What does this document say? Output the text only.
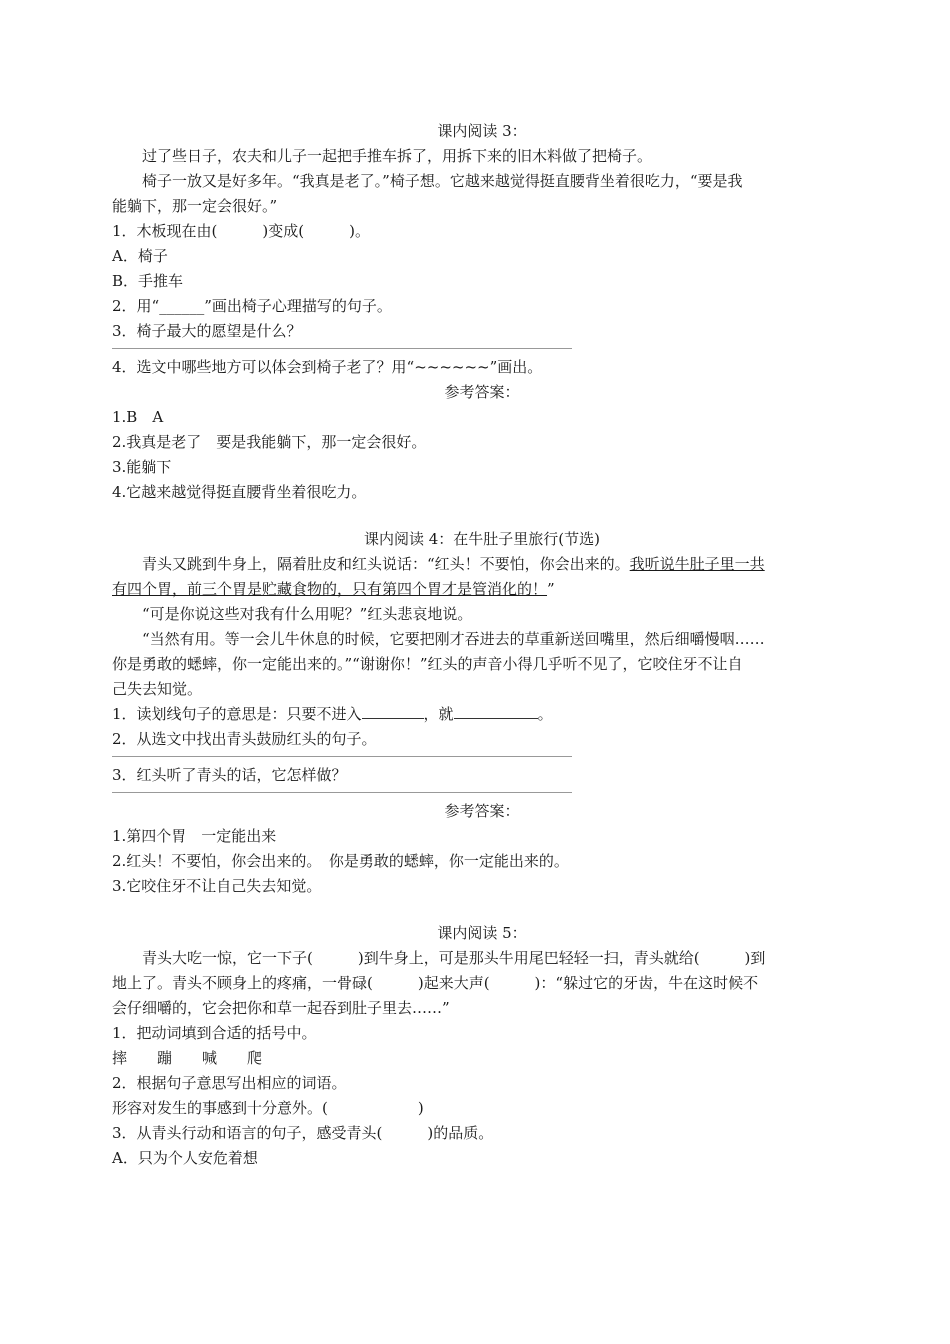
课内阅读 3：
过了些日子，农夫和儿子一起把手推车拆了，用拆下来的旧木料做了把椅子。
椅子一放又是好多年。“我真是老了。”椅子想。它越来越觉得挺直腰背坐着很吃力，“要是我
能躺下，那一定会很好。”
1．木板现在由(　　　)变成(　　　)。
A．椅子
B．手推车
2．用“______”画出椅子心理描写的句子。
3．椅子最大的愿望是什么？
4．选文中哪些地方可以体会到椅子老了？用“~~~~~~”画出。
参考答案：
1.B　A
2.我真是老了　要是我能躺下，那一定会很好。
3.能躺下
4.它越来越觉得挺直腰背坐着很吃力。
课内阅读 4：在牛肚子里旅行(节选)
青头又跳到牛身上，隔着肚皮和红头说话：“红头！不要怕，你会出来的。我听说牛肚子里一共
有四个胃，前三个胃是贮藏食物的，只有第四个胃才是管消化的！”
“可是你说这些对我有什么用呢？”红头悲哀地说。
“当然有用。等一会儿牛休息的时候，它要把刚才吞进去的草重新送回嘴里，然后细嚼慢咽……
你是勇敢的蟋蟀，你一定能出来的。”“谢谢你！”红头的声音小得几乎听不见了，它咬住牙不让自
己失去知觉。
1．读划线句子的意思是：只要不进入	，就	。
2．从选文中找出青头鼓励红头的句子。
3．红头听了青头的话，它怎样做？
参考答案：
1.第四个胃　一定能出来
2.红头！不要怕，你会出来的。　你是勇敢的蟋蟀，你一定能出来的。
3.它咬住牙不让自己失去知觉。
课内阅读 5：
青头大吃一惊，它一下子(　　　)到牛身上，可是那头牛用尾巴轻轻一扫，青头就给(　　　)到
地上了。青头不顾身上的疼痛，一骨碌(　　　)起来大声(　　　)：“躲过它的牙齿，牛在这时候不
会仔细嚼的，它会把你和草一起吞到肚子里去……”
1．把动词填到合适的括号中。
摔 蹦 喊 爬
2．根据句子意思写出相应的词语。
形容对发生的事感到十分意外。(　　　　　　)
3．从青头行动和语言的句子，感受青头(　　　)的品质。
A．只为个人安危着想
